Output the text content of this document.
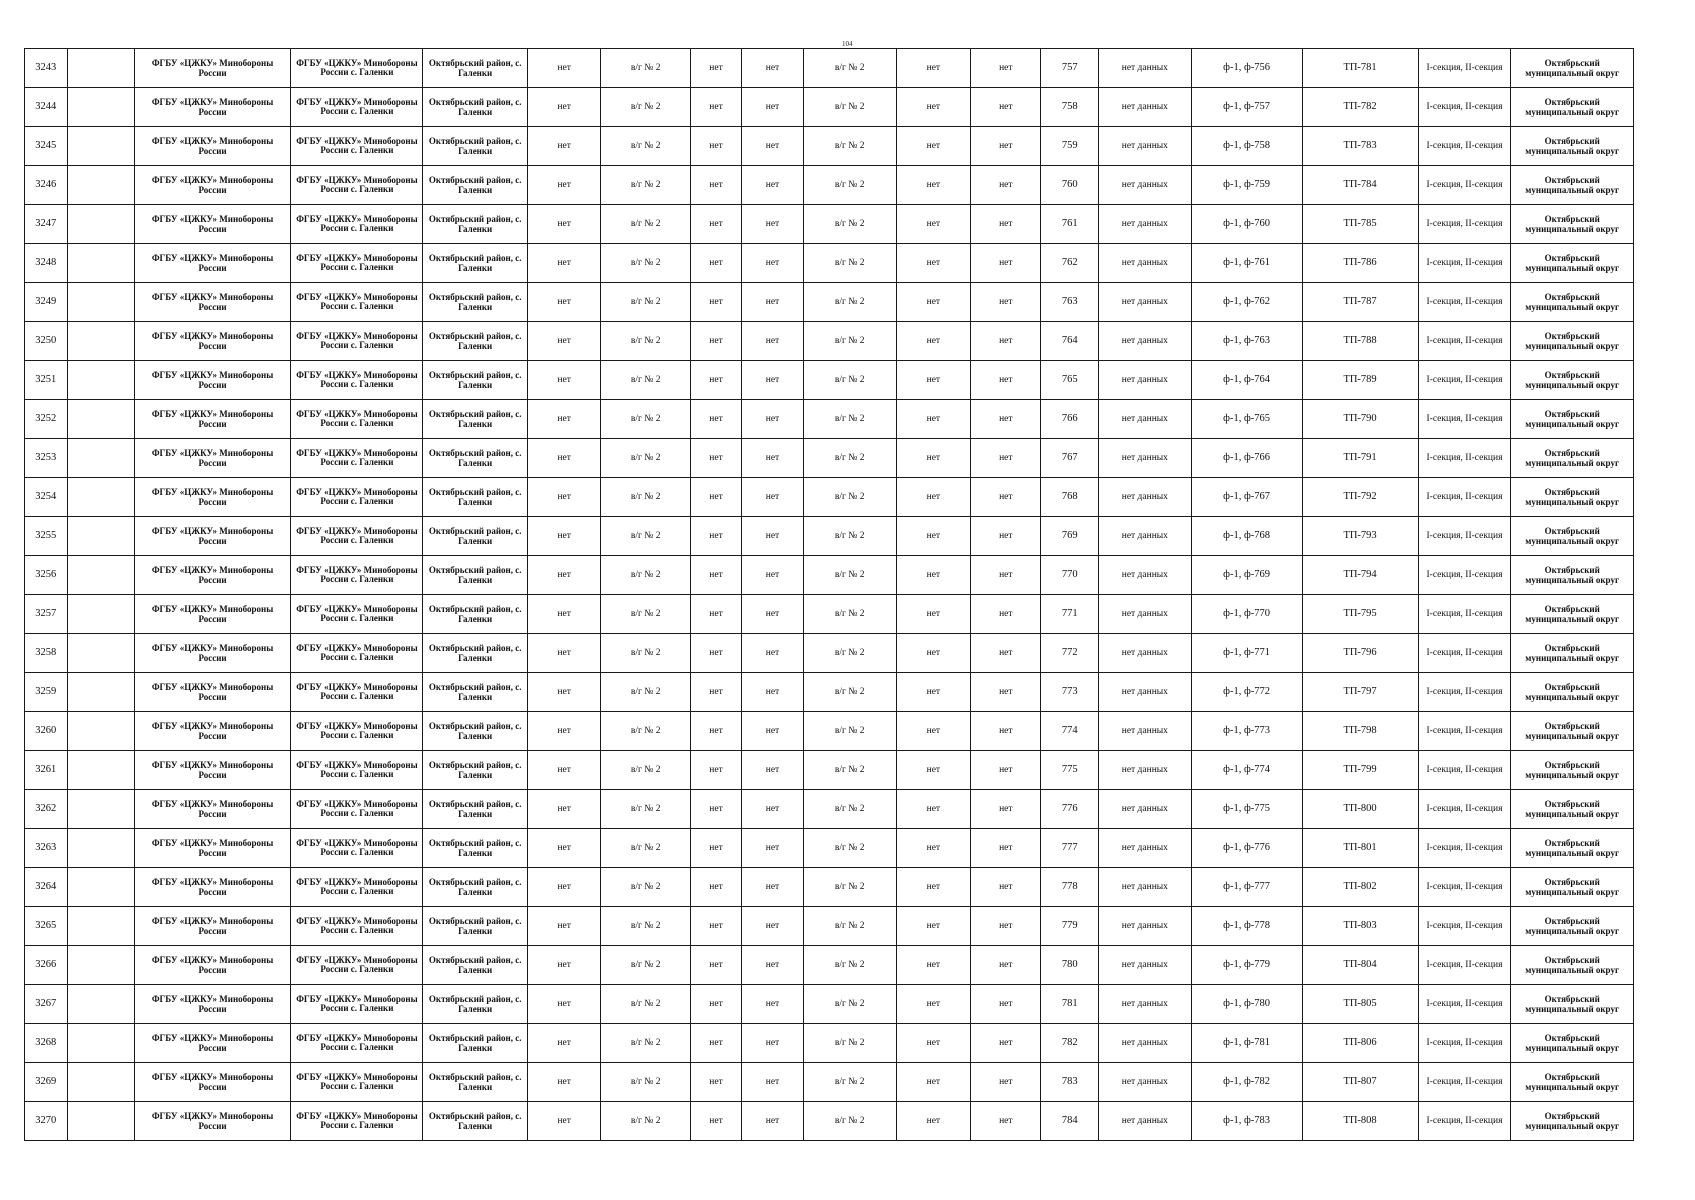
104
3243		ФГБУ «ЦЖКУ» Минобороны России	ФГБУ «ЦЖКУ» Минобороны России с. Галенки	Октябрьский район, с. Галенки	нет	в/г № 2	нет	нет	в/г № 2	нет	нет	757	нет данных	ф-1, ф-756	ТП-781	I-секция, II-секция	Октябрьский муниципальный округ
3244		ФГБУ «ЦЖКУ» Минобороны России	ФГБУ «ЦЖКУ» Минобороны России с. Галенки	Октябрьский район, с. Галенки	нет	в/г № 2	нет	нет	в/г № 2	нет	нет	758	нет данных	ф-1, ф-757	ТП-782	I-секция, II-секция	Октябрьский муниципальный округ
3245		ФГБУ «ЦЖКУ» Минобороны России	ФГБУ «ЦЖКУ» Минобороны России с. Галенки	Октябрьский район, с. Галенки	нет	в/г № 2	нет	нет	в/г № 2	нет	нет	759	нет данных	ф-1, ф-758	ТП-783	I-секция, II-секция	Октябрьский муниципальный округ
3246		ФГБУ «ЦЖКУ» Минобороны России	ФГБУ «ЦЖКУ» Минобороны России с. Галенки	Октябрьский район, с. Галенки	нет	в/г № 2	нет	нет	в/г № 2	нет	нет	760	нет данных	ф-1, ф-759	ТП-784	I-секция, II-секция	Октябрьский муниципальный округ
3247		ФГБУ «ЦЖКУ» Минобороны России	ФГБУ «ЦЖКУ» Минобороны России с. Галенки	Октябрьский район, с. Галенки	нет	в/г № 2	нет	нет	в/г № 2	нет	нет	761	нет данных	ф-1, ф-760	ТП-785	I-секция, II-секция	Октябрьский муниципальный округ
3248		ФГБУ «ЦЖКУ» Минобороны России	ФГБУ «ЦЖКУ» Минобороны России с. Галенки	Октябрьский район, с. Галенки	нет	в/г № 2	нет	нет	в/г № 2	нет	нет	762	нет данных	ф-1, ф-761	ТП-786	I-секция, II-секция	Октябрьский муниципальный округ
3249		ФГБУ «ЦЖКУ» Минобороны России	ФГБУ «ЦЖКУ» Минобороны России с. Галенки	Октябрьский район, с. Галенки	нет	в/г № 2	нет	нет	в/г № 2	нет	нет	763	нет данных	ф-1, ф-762	ТП-787	I-секция, II-секция	Октябрьский муниципальный округ
3250		ФГБУ «ЦЖКУ» Минобороны России	ФГБУ «ЦЖКУ» Минобороны России с. Галенки	Октябрьский район, с. Галенки	нет	в/г № 2	нет	нет	в/г № 2	нет	нет	764	нет данных	ф-1, ф-763	ТП-788	I-секция, II-секция	Октябрьский муниципальный округ
3251		ФГБУ «ЦЖКУ» Минобороны России	ФГБУ «ЦЖКУ» Минобороны России с. Галенки	Октябрьский район, с. Галенки	нет	в/г № 2	нет	нет	в/г № 2	нет	нет	765	нет данных	ф-1, ф-764	ТП-789	I-секция, II-секция	Октябрьский муниципальный округ
3252		ФГБУ «ЦЖКУ» Минобороны России	ФГБУ «ЦЖКУ» Минобороны России с. Галенки	Октябрьский район, с. Галенки	нет	в/г № 2	нет	нет	в/г № 2	нет	нет	766	нет данных	ф-1, ф-765	ТП-790	I-секция, II-секция	Октябрьский муниципальный округ
3253		ФГБУ «ЦЖКУ» Минобороны России	ФГБУ «ЦЖКУ» Минобороны России с. Галенки	Октябрьский район, с. Галенки	нет	в/г № 2	нет	нет	в/г № 2	нет	нет	767	нет данных	ф-1, ф-766	ТП-791	I-секция, II-секция	Октябрьский муниципальный округ
3254		ФГБУ «ЦЖКУ» Минобороны России	ФГБУ «ЦЖКУ» Минобороны России с. Галенки	Октябрьский район, с. Галенки	нет	в/г № 2	нет	нет	в/г № 2	нет	нет	768	нет данных	ф-1, ф-767	ТП-792	I-секция, II-секция	Октябрьский муниципальный округ
3255		ФГБУ «ЦЖКУ» Минобороны России	ФГБУ «ЦЖКУ» Минобороны России с. Галенки	Октябрьский район, с. Галенки	нет	в/г № 2	нет	нет	в/г № 2	нет	нет	769	нет данных	ф-1, ф-768	ТП-793	I-секция, II-секция	Октябрьский муниципальный округ
3256		ФГБУ «ЦЖКУ» Минобороны России	ФГБУ «ЦЖКУ» Минобороны России с. Галенки	Октябрьский район, с. Галенки	нет	в/г № 2	нет	нет	в/г № 2	нет	нет	770	нет данных	ф-1, ф-769	ТП-794	I-секция, II-секция	Октябрьский муниципальный округ
3257		ФГБУ «ЦЖКУ» Минобороны России	ФГБУ «ЦЖКУ» Минобороны России с. Галенки	Октябрьский район, с. Галенки	нет	в/г № 2	нет	нет	в/г № 2	нет	нет	771	нет данных	ф-1, ф-770	ТП-795	I-секция, II-секция	Октябрьский муниципальный округ
3258		ФГБУ «ЦЖКУ» Минобороны России	ФГБУ «ЦЖКУ» Минобороны России с. Галенки	Октябрьский район, с. Галенки	нет	в/г № 2	нет	нет	в/г № 2	нет	нет	772	нет данных	ф-1, ф-771	ТП-796	I-секция, II-секция	Октябрьский муниципальный округ
3259		ФГБУ «ЦЖКУ» Минобороны России	ФГБУ «ЦЖКУ» Минобороны России с. Галенки	Октябрьский район, с. Галенки	нет	в/г № 2	нет	нет	в/г № 2	нет	нет	773	нет данных	ф-1, ф-772	ТП-797	I-секция, II-секция	Октябрьский муниципальный округ
3260		ФГБУ «ЦЖКУ» Минобороны России	ФГБУ «ЦЖКУ» Минобороны России с. Галенки	Октябрьский район, с. Галенки	нет	в/г № 2	нет	нет	в/г № 2	нет	нет	774	нет данных	ф-1, ф-773	ТП-798	I-секция, II-секция	Октябрьский муниципальный округ
3261		ФГБУ «ЦЖКУ» Минобороны России	ФГБУ «ЦЖКУ» Минобороны России с. Галенки	Октябрьский район, с. Галенки	нет	в/г № 2	нет	нет	в/г № 2	нет	нет	775	нет данных	ф-1, ф-774	ТП-799	I-секция, II-секция	Октябрьский муниципальный округ
3262		ФГБУ «ЦЖКУ» Минобороны России	ФГБУ «ЦЖКУ» Минобороны России с. Галенки	Октябрьский район, с. Галенки	нет	в/г № 2	нет	нет	в/г № 2	нет	нет	776	нет данных	ф-1, ф-775	ТП-800	I-секция, II-секция	Октябрьский муниципальный округ
3263		ФГБУ «ЦЖКУ» Минобороны России	ФГБУ «ЦЖКУ» Минобороны России с. Галенки	Октябрьский район, с. Галенки	нет	в/г № 2	нет	нет	в/г № 2	нет	нет	777	нет данных	ф-1, ф-776	ТП-801	I-секция, II-секция	Октябрьский муниципальный округ
3264		ФГБУ «ЦЖКУ» Минобороны России	ФГБУ «ЦЖКУ» Минобороны России с. Галенки	Октябрьский район, с. Галенки	нет	в/г № 2	нет	нет	в/г № 2	нет	нет	778	нет данных	ф-1, ф-777	ТП-802	I-секция, II-секция	Октябрьский муниципальный округ
3265		ФГБУ «ЦЖКУ» Минобороны России	ФГБУ «ЦЖКУ» Минобороны России с. Галенки	Октябрьский район, с. Галенки	нет	в/г № 2	нет	нет	в/г № 2	нет	нет	779	нет данных	ф-1, ф-778	ТП-803	I-секция, II-секция	Октябрьский муниципальный округ
3266		ФГБУ «ЦЖКУ» Минобороны России	ФГБУ «ЦЖКУ» Минобороны России с. Галенки	Октябрьский район, с. Галенки	нет	в/г № 2	нет	нет	в/г № 2	нет	нет	780	нет данных	ф-1, ф-779	ТП-804	I-секция, II-секция	Октябрьский муниципальный округ
3267		ФГБУ «ЦЖКУ» Минобороны России	ФГБУ «ЦЖКУ» Минобороны России с. Галенки	Октябрьский район, с. Галенки	нет	в/г № 2	нет	нет	в/г № 2	нет	нет	781	нет данных	ф-1, ф-780	ТП-805	I-секция, II-секция	Октябрьский муниципальный округ
3268		ФГБУ «ЦЖКУ» Минобороны России	ФГБУ «ЦЖКУ» Минобороны России с. Галенки	Октябрьский район, с. Галенки	нет	в/г № 2	нет	нет	в/г № 2	нет	нет	782	нет данных	ф-1, ф-781	ТП-806	I-секция, II-секция	Октябрьский муниципальный округ
3269		ФГБУ «ЦЖКУ» Минобороны России	ФГБУ «ЦЖКУ» Минобороны России с. Галенки	Октябрьский район, с. Галенки	нет	в/г № 2	нет	нет	в/г № 2	нет	нет	783	нет данных	ф-1, ф-782	ТП-807	I-секция, II-секция	Октябрьский муниципальный округ
3270		ФГБУ «ЦЖКУ» Минобороны России	ФГБУ «ЦЖКУ» Минобороны России с. Галенки	Октябрьский район, с. Галенки	нет	в/г № 2	нет	нет	в/г № 2	нет	нет	784	нет данных	ф-1, ф-783	ТП-808	I-секция, II-секция	Октябрьский муниципальный округ
